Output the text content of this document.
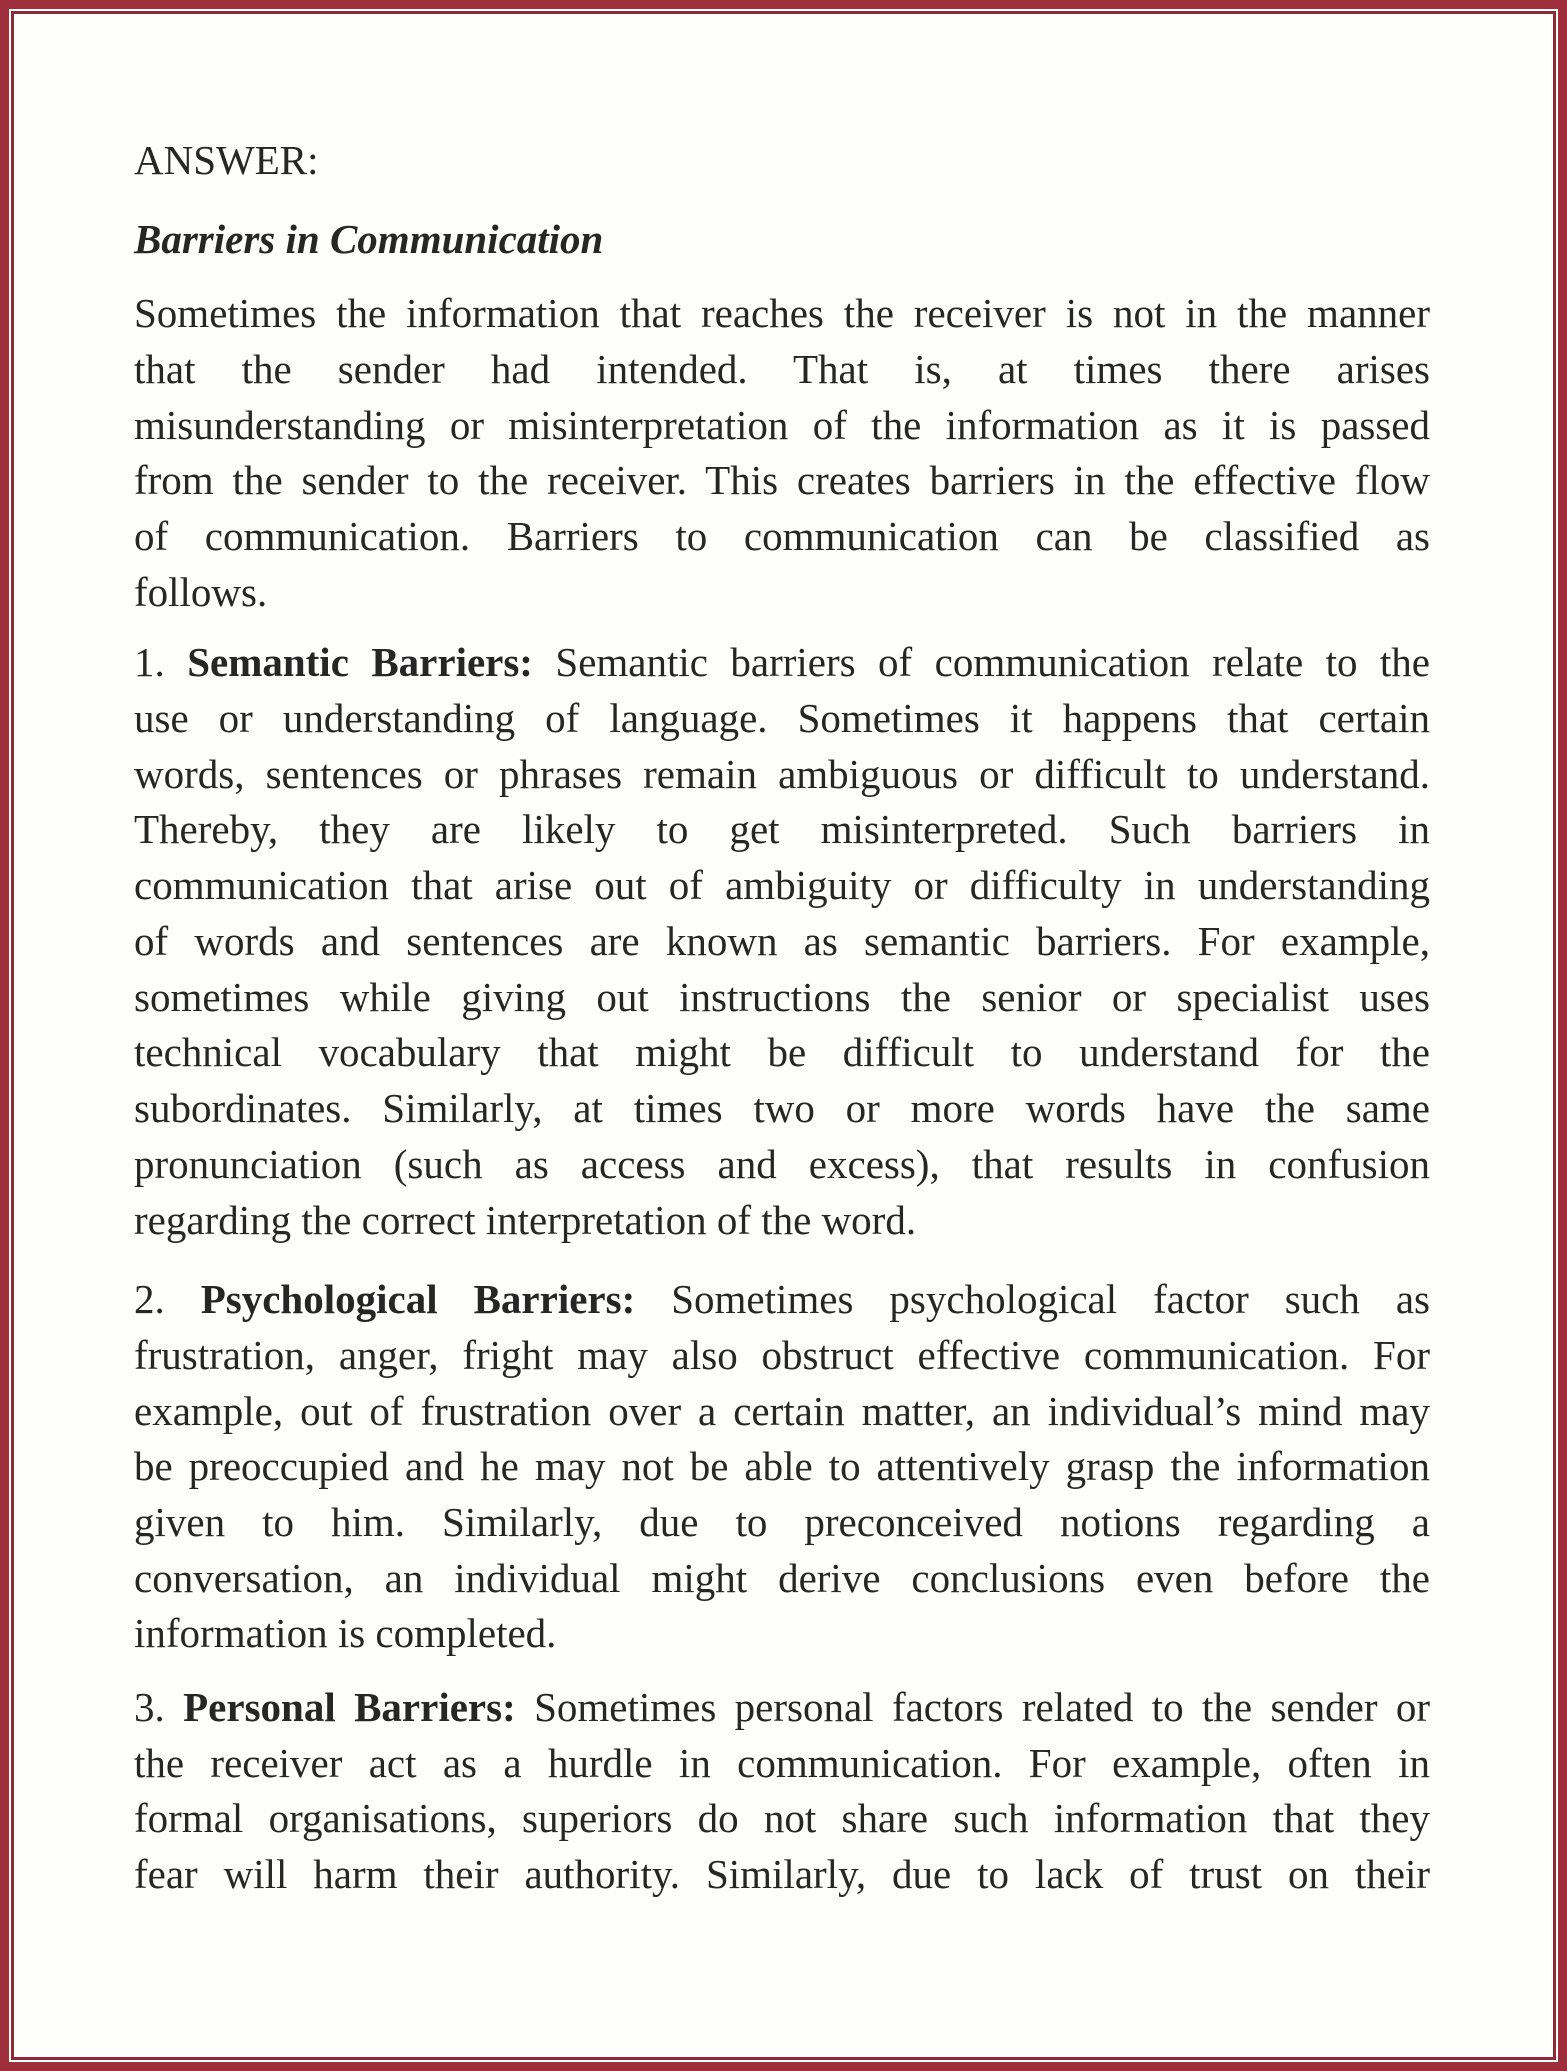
ANSWER:
Barriers in Communication
Sometimes the information that reaches the receiver is not in the manner
that the sender had intended. That is, at times there arises
misunderstanding or misinterpretation of the information as it is passed
from the sender to the receiver. This creates barriers in the effective flow
of communication. Barriers to communication can be classified as
follows.
1. Semantic Barriers: Semantic barriers of communication relate to the
use or understanding of language. Sometimes it happens that certain
words, sentences or phrases remain ambiguous or difficult to understand.
Thereby, they are likely to get misinterpreted. Such barriers in
communication that arise out of ambiguity or difficulty in understanding
of words and sentences are known as semantic barriers. For example,
sometimes while giving out instructions the senior or specialist uses
technical vocabulary that might be difficult to understand for the
subordinates. Similarly, at times two or more words have the same
pronunciation (such as access and excess), that results in confusion
regarding the correct interpretation of the word.
2. Psychological Barriers: Sometimes psychological factor such as
frustration, anger, fright may also obstruct effective communication. For
example, out of frustration over a certain matter, an individual’s mind may
be preoccupied and he may not be able to attentively grasp the information
given to him. Similarly, due to preconceived notions regarding a
conversation, an individual might derive conclusions even before the
information is completed.
3. Personal Barriers: Sometimes personal factors related to the sender or
the receiver act as a hurdle in communication. For example, often in
formal organisations, superiors do not share such information that they
fear will harm their authority. Similarly, due to lack of trust on their
